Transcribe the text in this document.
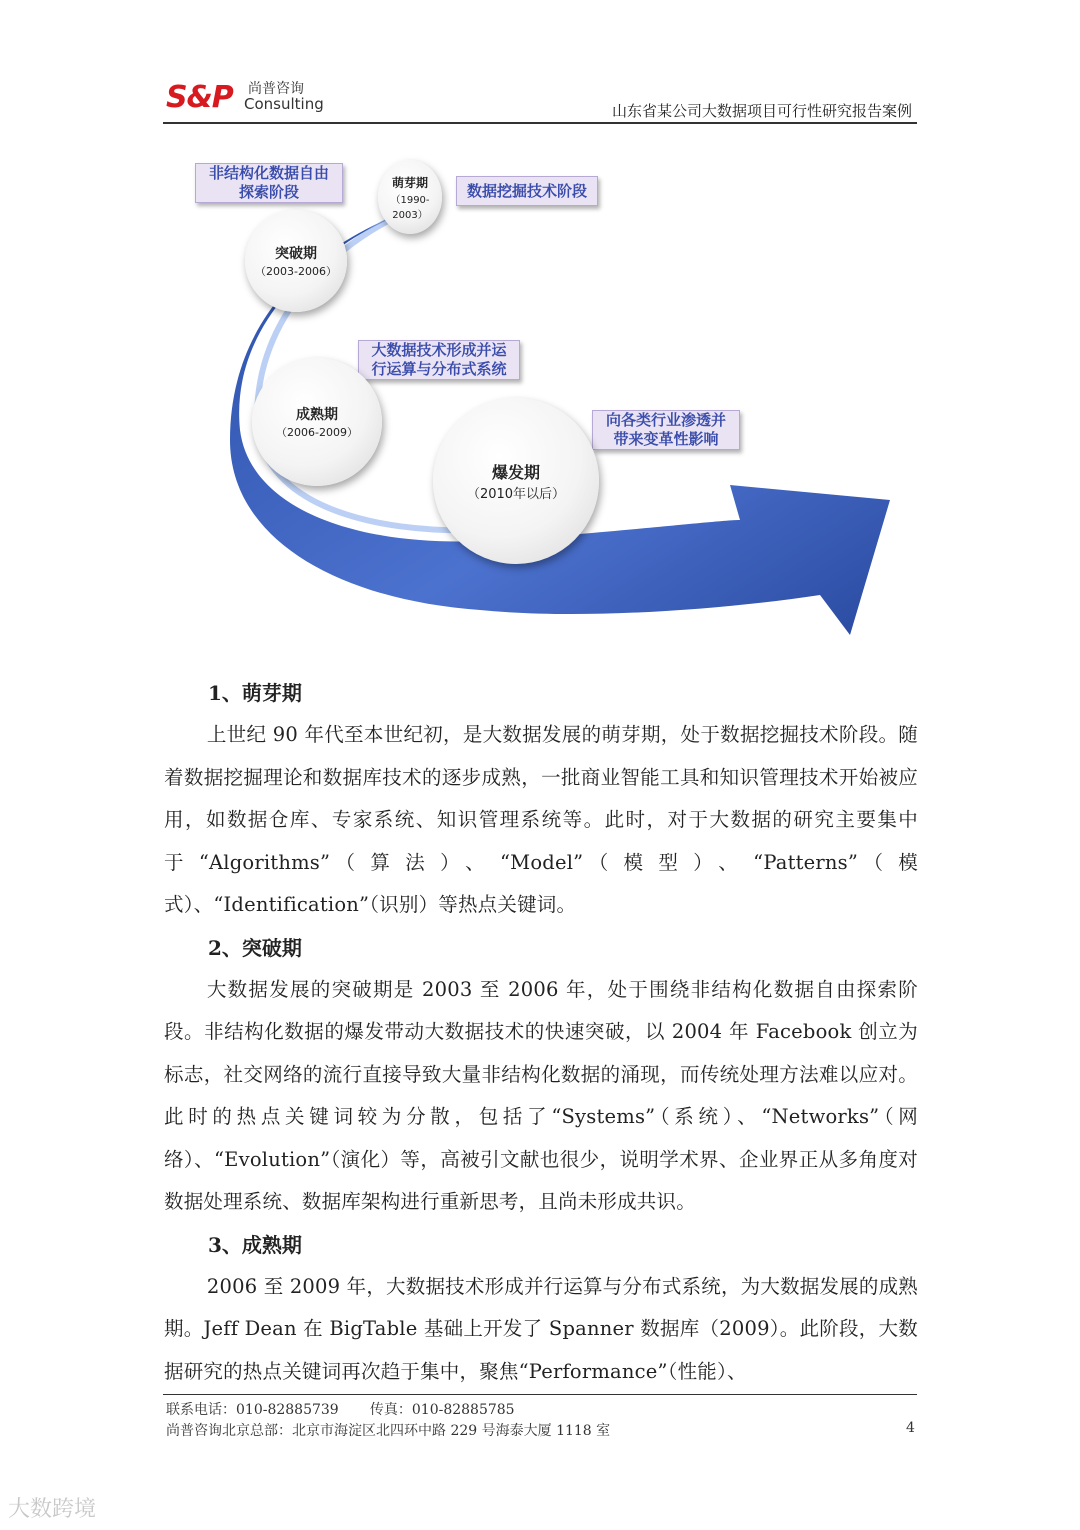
S&P 尚普咨询
Consulting	山东省某公司大数据项目可行性研究报告案例
非结构化数据自由
探索阶段	数据挖掘技术阶段
大数据技术形成并运
行运算与分布式系统
向各类行业渗透并
带来变革性影响
萌芽期
（1990-2003）
突破期
（2003-2006）
成熟期
（2006-2009）
爆发期
（2010年以后）
1、萌芽期

上世纪 90 年代至本世纪初，是大数据发展的萌芽期，处于数据挖掘技术阶段。随着数据挖掘理论和数据库技术的逐步成熟，一批商业智能工具和知识管理技术开始被应用，如数据仓库、专家系统、知识管理系统等。此时，对于大数据的研究主要集中于“Algorithms”（算法）、“Model”（模型）、“Patterns”（模式）、“Identification”（识别）等热点关键词。

2、突破期

大数据发展的突破期是 2003 至 2006 年，处于围绕非结构化数据自由探索阶段。非结构化数据的爆发带动大数据技术的快速突破，以 2004 年 Facebook 创立为标志，社交网络的流行直接导致大量非结构化数据的涌现，而传统处理方法难以应对。此时的热点关键词较为分散，包括了“Systems”（系统）、“Networks”（网络）、“Evolution”（演化）等，高被引文献也很少，说明学术界、企业界正从多角度对数据处理系统、数据库架构进行重新思考，且尚未形成共识。

3、成熟期

2006 至 2009 年，大数据技术形成并行运算与分布式系统，为大数据发展的成熟期。Jeff Dean 在 BigTable 基础上开发了 Spanner 数据库（2009）。此阶段，大数据研究的热点关键词再次趋于集中，聚焦“Performance”（性能）、

联系电话：010-82885739 传真：010-82885785
尚普咨询北京总部：北京市海淀区北四环中路 229 号海泰大厦 1118 室	4
大数跨境
